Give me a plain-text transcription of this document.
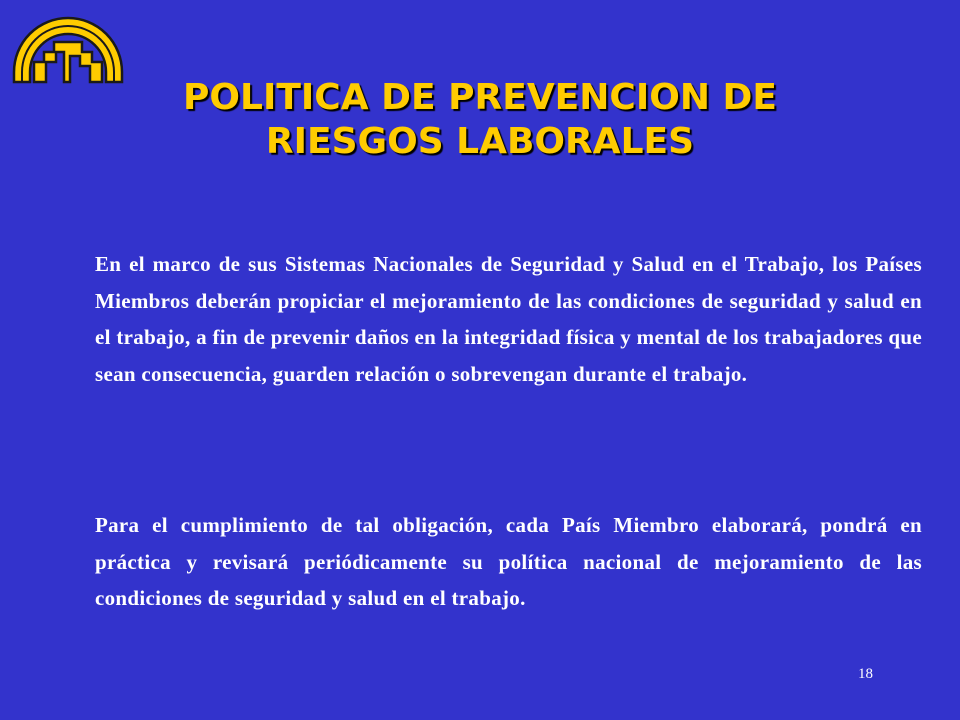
POLITICA DE PREVENCION DE
RIESGOS LABORALES

En el marco de sus Sistemas Nacionales de Seguridad y Salud en el Trabajo, los Países Miembros deberán propiciar el mejoramiento de las condiciones de seguridad y salud en el trabajo, a fin de prevenir daños en la integridad física y mental de los trabajadores que sean consecuencia, guarden relación o sobrevengan durante el trabajo.

Para el cumplimiento de tal obligación, cada País Miembro elaborará, pondrá en práctica y revisará periódicamente su política nacional de mejoramiento de las condiciones de seguridad y salud en el trabajo.

18
